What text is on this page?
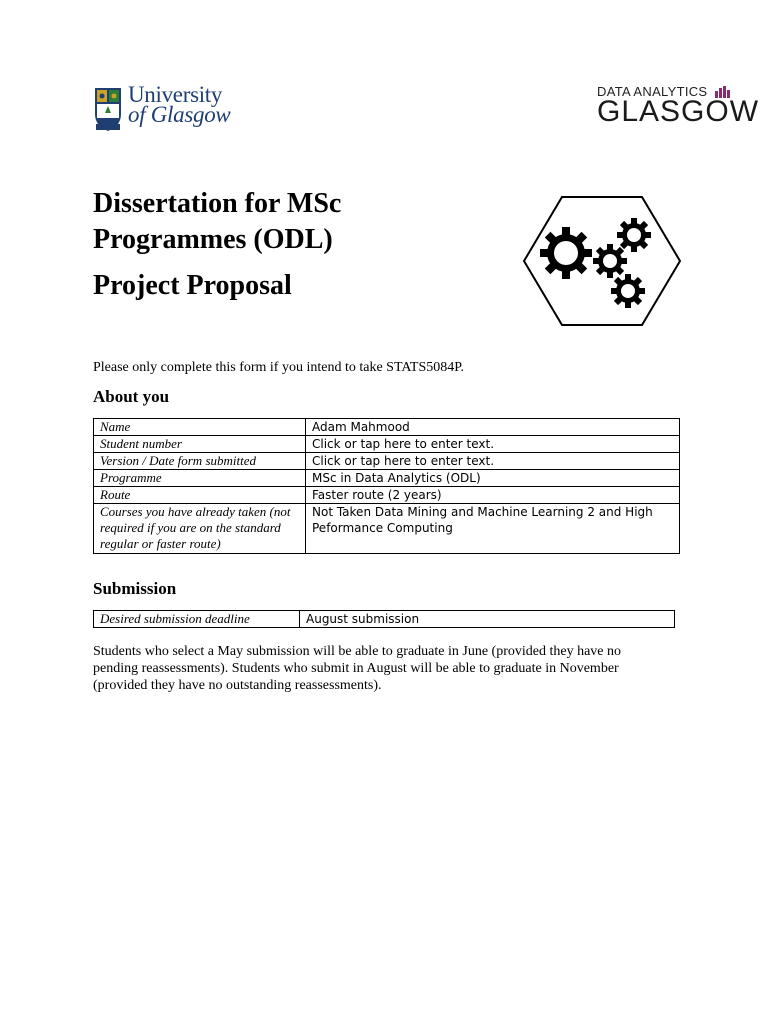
University
of Glasgow
DATA ANALYTICS
GLASGOW
Dissertation for MSc
Programmes (ODL)
Project Proposal
Please only complete this form if you intend to take STATS5084P.
About you
Name	Adam Mahmood
Student number	Click or tap here to enter text.
Version / Date form submitted	Click or tap here to enter text.
Programme	MSc in Data Analytics (ODL)
Route	Faster route (2 years)
Courses you have already taken (not required if you are on the standard regular or faster route)	Not Taken Data Mining and Machine Learning 2 and High Peformance Computing
Submission
Desired submission deadline	August submission
Students who select a May submission will be able to graduate in June (provided they have no pending reassessments). Students who submit in August will be able to graduate in November (provided they have no outstanding reassessments).
